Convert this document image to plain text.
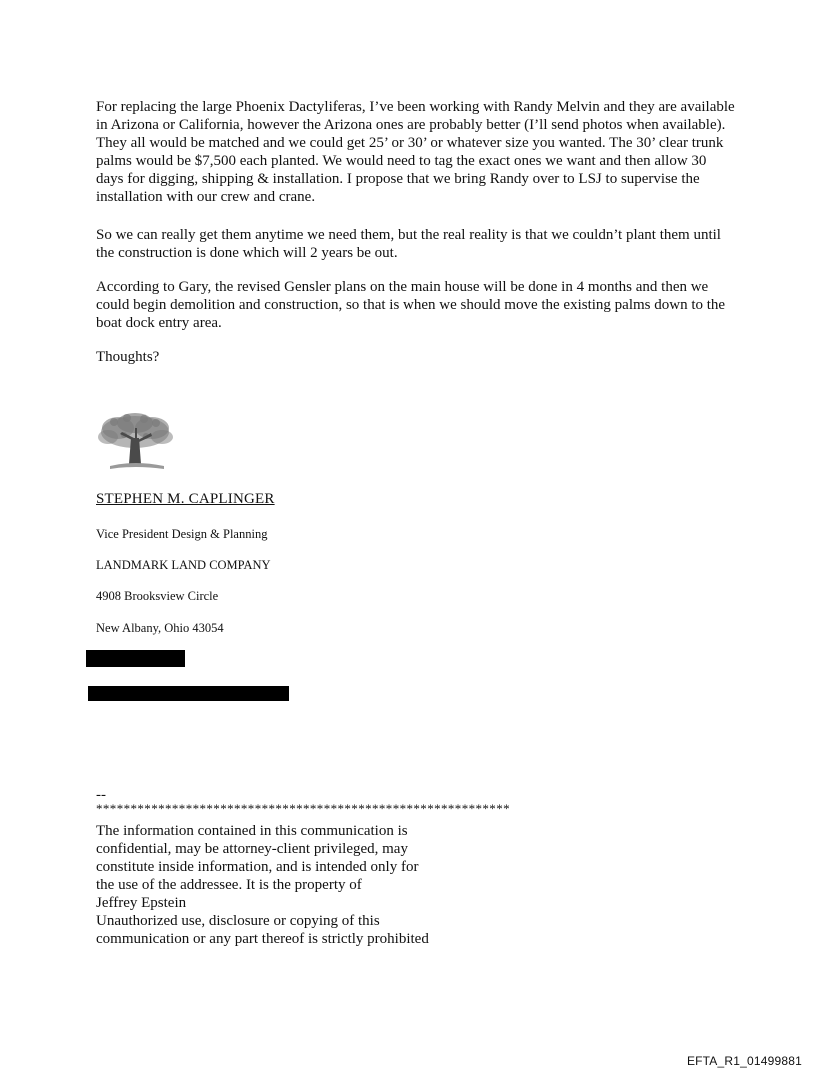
For replacing the large Phoenix Dactyliferas, I’ve been working with Randy Melvin and they are available in Arizona or California, however the Arizona ones are probably better (I’ll send photos when available). They all would be matched and we could get 25’ or 30’ or whatever size you wanted. The 30’ clear trunk palms would be $7,500 each planted. We would need to tag the exact ones we want and then allow 30 days for digging, shipping & installation. I propose that we bring Randy over to LSJ to supervise the installation with our crew and crane.

So we can really get them anytime we need them, but the real reality is that we couldn’t plant them until the construction is done which will 2 years be out.

According to Gary, the revised Gensler plans on the main house will be done in 4 months and then we could begin demolition and construction, so that is when we should move the existing palms down to the boat dock entry area.

Thoughts?

STEPHEN M. CAPLINGER
Vice President Design & Planning
LANDMARK LAND COMPANY
4908 Brooksview Circle
New Albany, Ohio 43054
--
************************************************************
The information contained in this communication is
confidential, may be attorney-client privileged, may
constitute inside information, and is intended only for
the use of the addressee. It is the property of
Jeffrey Epstein
Unauthorized use, disclosure or copying of this
communication or any part thereof is strictly prohibited
EFTA_R1_01499881
